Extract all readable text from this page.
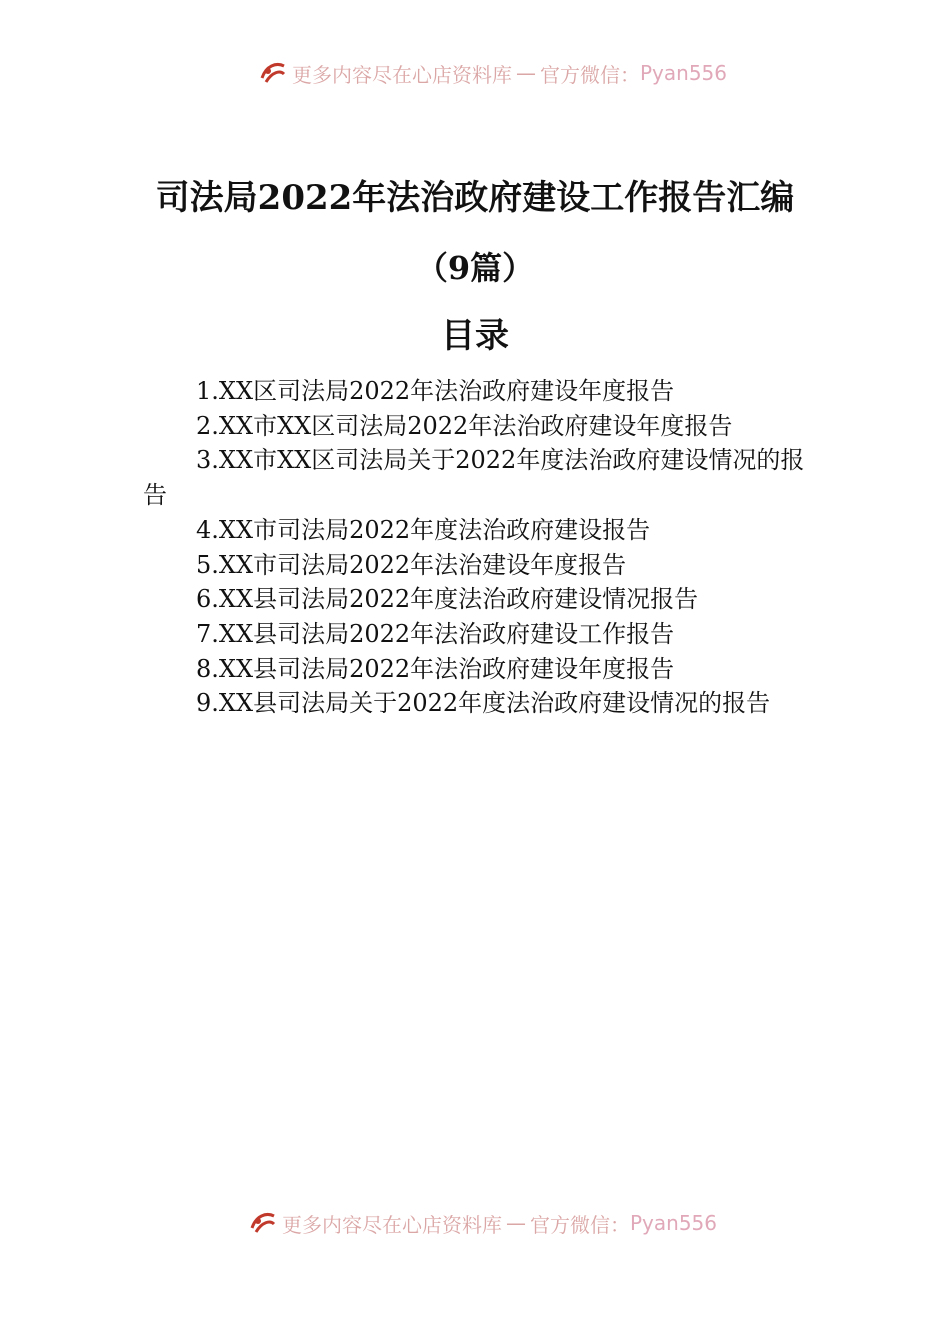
更多内容尽在心店资料库 — 官方微信： Pyan556
司法局2022年法治政府建设工作报告汇编
（9篇）
目录
1.XX区司法局2022年法治政府建设年度报告
2.XX市XX区司法局2022年法治政府建设年度报告
3.XX市XX区司法局关于2022年度法治政府建设情况的报告
4.XX市司法局2022年度法治政府建设报告
5.XX市司法局2022年法治建设年度报告
6.XX县司法局2022年度法治政府建设情况报告
7.XX县司法局2022年法治政府建设工作报告
8.XX县司法局2022年法治政府建设年度报告
9.XX县司法局关于2022年度法治政府建设情况的报告
更多内容尽在心店资料库 — 官方微信： Pyan556
